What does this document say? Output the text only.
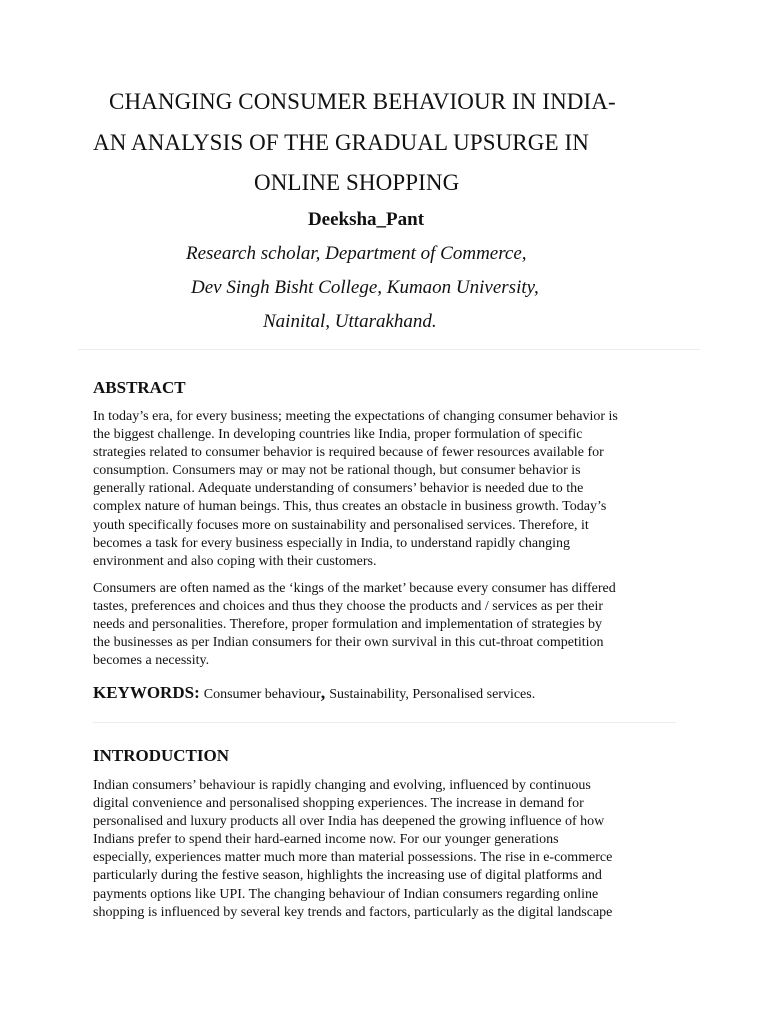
CHANGING CONSUMER BEHAVIOUR IN INDIA-
AN ANALYSIS OF THE GRADUAL UPSURGE IN
ONLINE SHOPPING
Deeksha_Pant
Research scholar, Department of Commerce,
Dev Singh Bisht College, Kumaon University,
Nainital, Uttarakhand.
ABSTRACT
In today’s era, for every business; meeting the expectations of changing consumer behavior is
the biggest challenge. In developing countries like India, proper formulation of specific
strategies related to consumer behavior is required because of fewer resources available for
consumption. Consumers may or may not be rational though, but consumer behavior is
generally rational. Adequate understanding of consumers’ behavior is needed due to the
complex nature of human beings. This, thus creates an obstacle in business growth. Today’s
youth specifically focuses more on sustainability and personalised services. Therefore, it
becomes a task for every business especially in India, to understand rapidly changing
environment and also coping with their customers.
Consumers are often named as the ‘kings of the market’ because every consumer has differed
tastes, preferences and choices and thus they choose the products and / services as per their
needs and personalities. Therefore, proper formulation and implementation of strategies by
the businesses as per Indian consumers for their own survival in this cut-throat competition
becomes a necessity.
KEYWORDS: Consumer behaviour, Sustainability, Personalised services.
INTRODUCTION
Indian consumers’ behaviour is rapidly changing and evolving, influenced by continuous
digital convenience and personalised shopping experiences. The increase in demand for
personalised and luxury products all over India has deepened the growing influence of how
Indians prefer to spend their hard-earned income now. For our younger generations
especially, experiences matter much more than material possessions. The rise in e-commerce
particularly during the festive season, highlights the increasing use of digital platforms and
payments options like UPI. The changing behaviour of Indian consumers regarding online
shopping is influenced by several key trends and factors, particularly as the digital landscape
